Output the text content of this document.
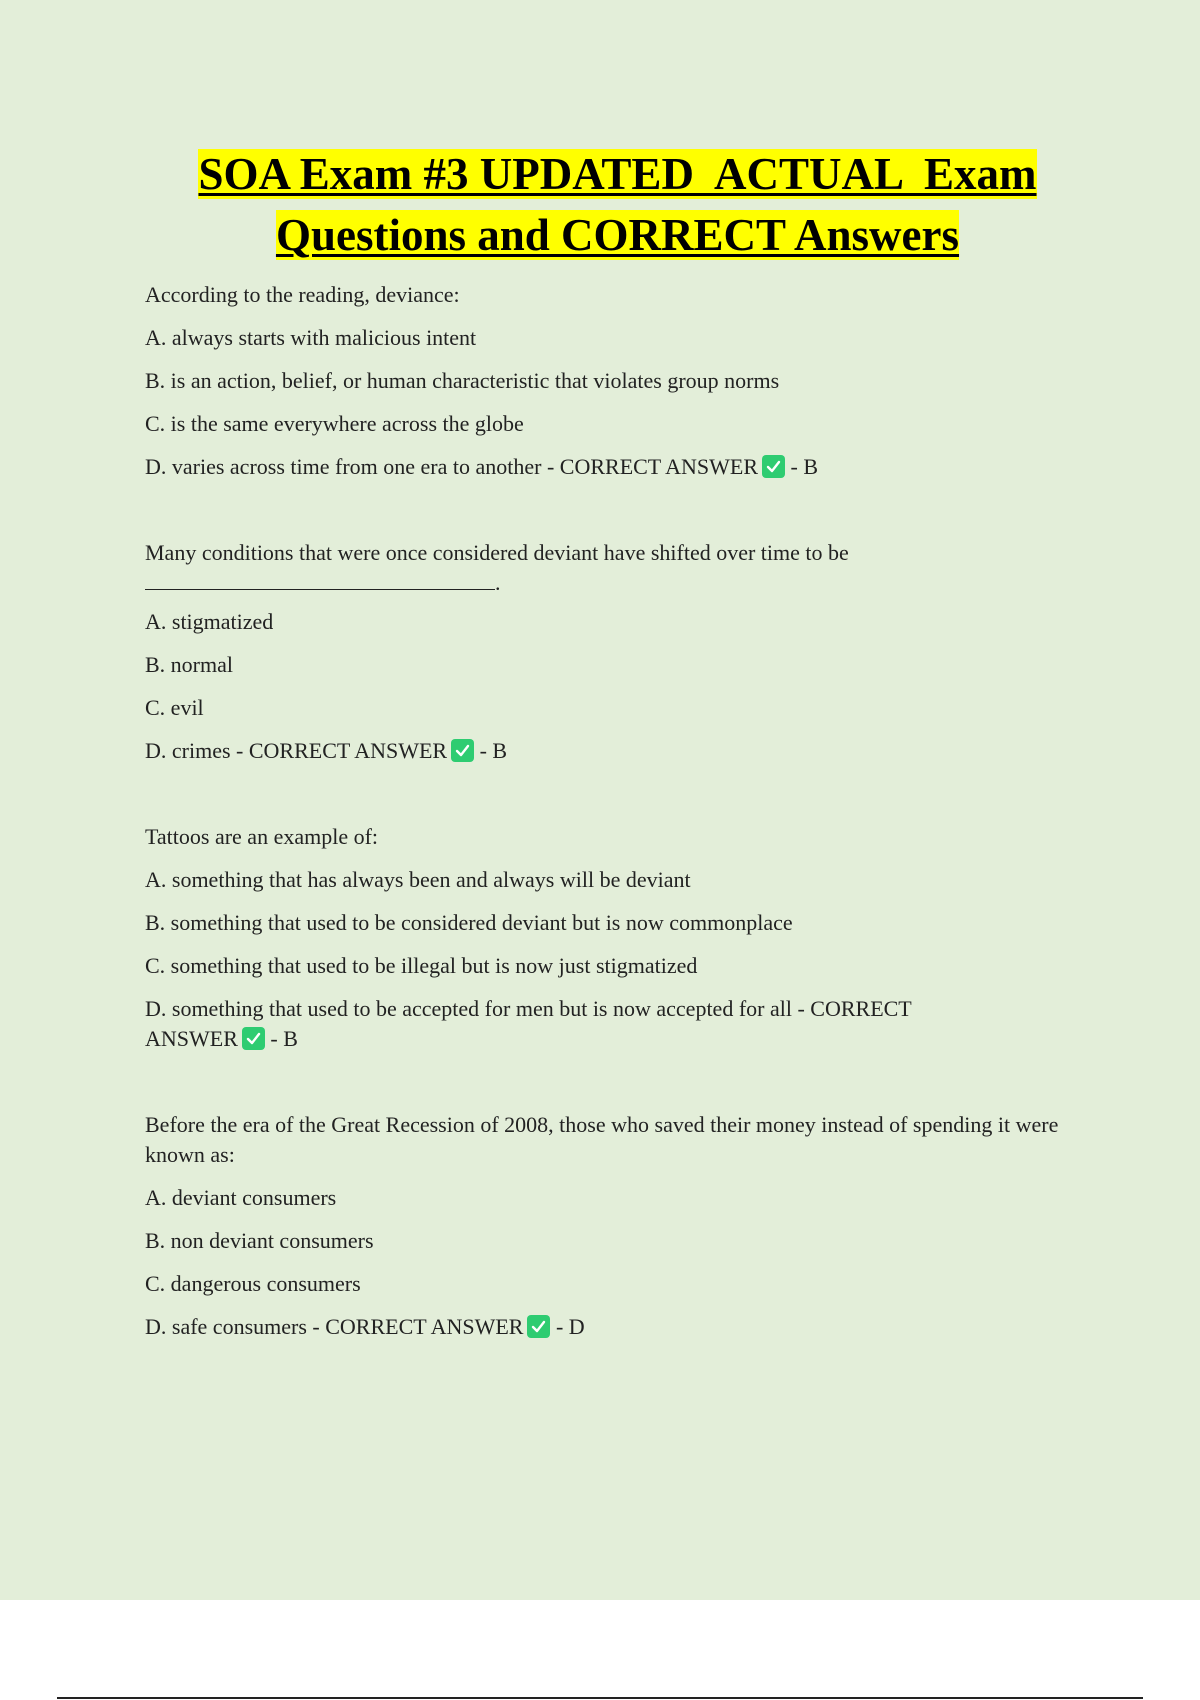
SOA Exam #3 UPDATED  ACTUAL  Exam
Questions and CORRECT Answers

According to the reading, deviance:

A. always starts with malicious intent

B. is an action, belief, or human characteristic that violates group norms

C. is the same everywhere across the globe

D. varies across time from one era to another - CORRECT ANSWER
- B

Many conditions that were once considered deviant have shifted over time to be

.

A. stigmatized

B. normal

C. evil

D. crimes - CORRECT ANSWER
- B

Tattoos are an example of:

A. something that has always been and always will be deviant

B. something that used to be considered deviant but is now commonplace

C. something that used to be illegal but is now just stigmatized

D. something that used to be accepted for men but is now accepted for all - CORRECT ANSWER
- B

Before the era of the Great Recession of 2008, those who saved their money instead of spending it were known as:

A. deviant consumers

B. non deviant consumers

C. dangerous consumers

D. safe consumers - CORRECT ANSWER
- D
